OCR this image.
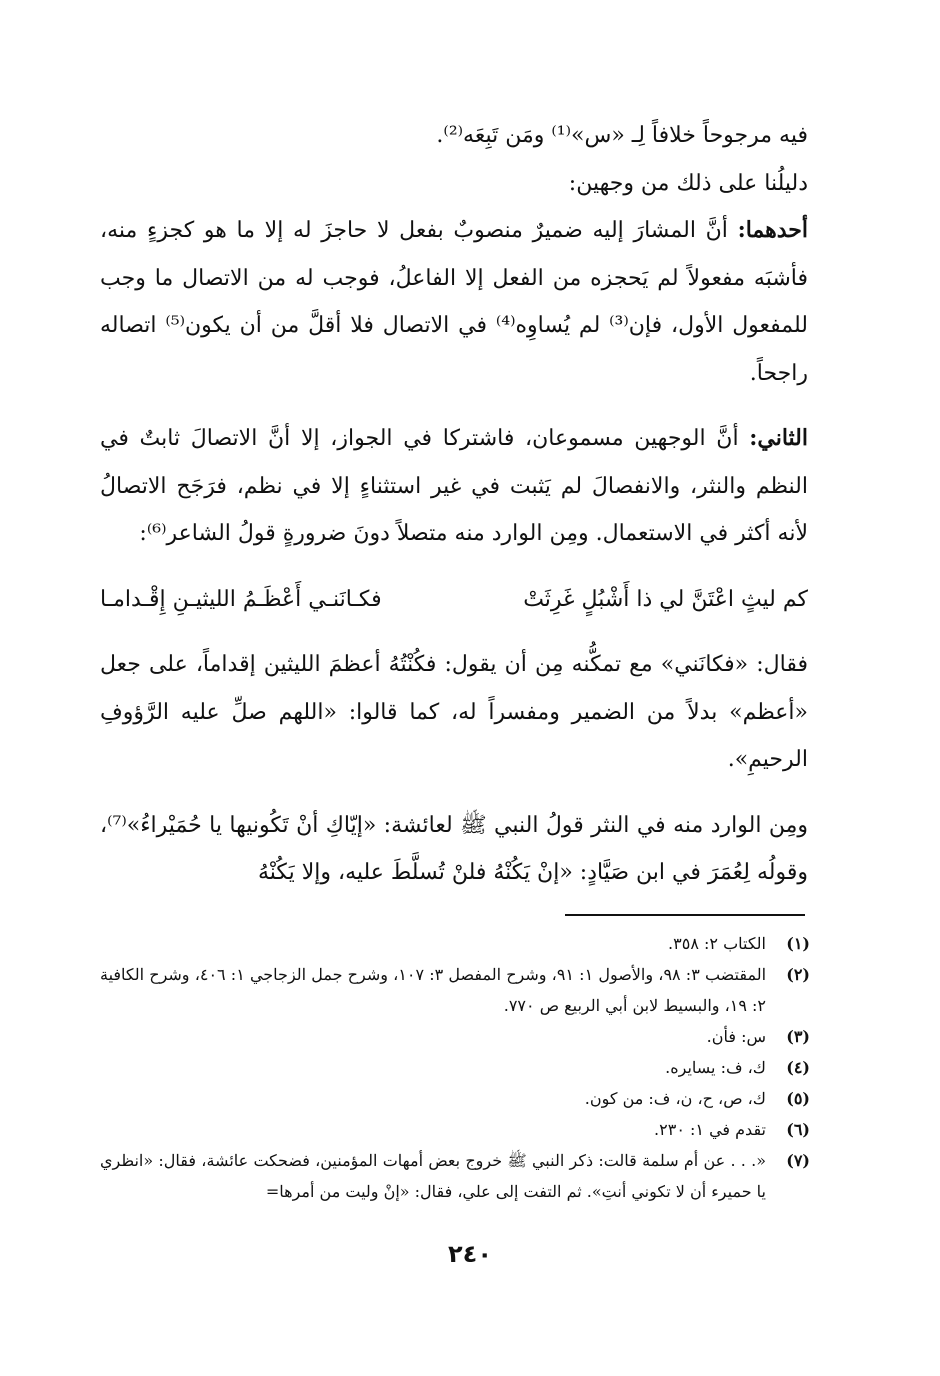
فيه مرجوحاً خلافاً لِـ «س»⁽¹⁾ ومَن تَبِعَه⁽²⁾.

دليلُنا على ذلك من وجهين:

أحدهما: أنَّ المشارَ إليه ضميرٌ منصوبٌ بفعل لا حاجزَ له إلا ما هو كجزءٍ منه، فأشبَه مفعولاً لم يَحجزه من الفعل إلا الفاعلُ، فوجب له من الاتصال ما وجب للمفعول الأول، فإن⁽³⁾ لم يُساوِه⁽⁴⁾ في الاتصال فلا أقلَّ من أن يكون⁽⁵⁾ اتصاله راجحاً.

الثاني: أنَّ الوجهين مسموعان، فاشتركا في الجواز، إلا أنَّ الاتصالَ ثابتٌ في النظم والنثر، والانفصالَ لم يَثبت في غير استثناءٍ إلا في نظم، فرَجَح الاتصالُ لأنه أكثر في الاستعمال. ومِن الوارد منه متصلاً دونَ ضرورةٍ قولُ الشاعر⁽⁶⁾:

كم ليثٍ اعْتَنَّ لي ذا أَشْبُلٍ غَرِثَتْ
فكـانَنـي أَعْظَـمُ الليثيـنِ إِقْـدامـا

فقال: «فكانَني» مع تمكُّنه مِن أن يقول: فكُنْتُهُ أعظمَ الليثين إقداماً، على جعل «أعظم» بدلاً من الضمير ومفسراً له، كما قالوا: «اللهم صلِّ عليه الرَّؤوفِ الرحيمِ».

ومِن الوارد منه في النثر قولُ النبي ﷺ لعائشة: «إيّاكِ أنْ تَكُونيها يا حُمَيْراءُ»⁽⁷⁾، وقولُه لِعُمَرَ في ابن صَيَّادٍ: «إنْ يَكُنْهُ فلنْ تُسلَّطَ عليه، وإلا يَكُنْهُ

(١)
الكتاب ٢: ٣٥٨.
(٢)
المقتضب ٣: ٩٨، والأصول ١: ٩١، وشرح المفصل ٣: ١٠٧، وشرح جمل الزجاجي ١: ٤٠٦، وشرح الكافية ٢: ١٩، والبسيط لابن أبي الربيع ص ٧٧٠.
(٣)
س: فأن.
(٤)
ك، ف: يسايره.
(٥)
ك، ص، ح، ن، ف: من كون.
(٦)
تقدم في ١: ٢٣٠.
(٧)
«. . . عن أم سلمة قالت: ذكر النبي ﷺ خروج بعض أمهات المؤمنين، فضحكت عائشة، فقال: «انظري يا حميرء أن لا تكوني أنتِ». ثم التفت إلى علي، فقال: «إنْ وليت من أمرها=
٢٤٠
